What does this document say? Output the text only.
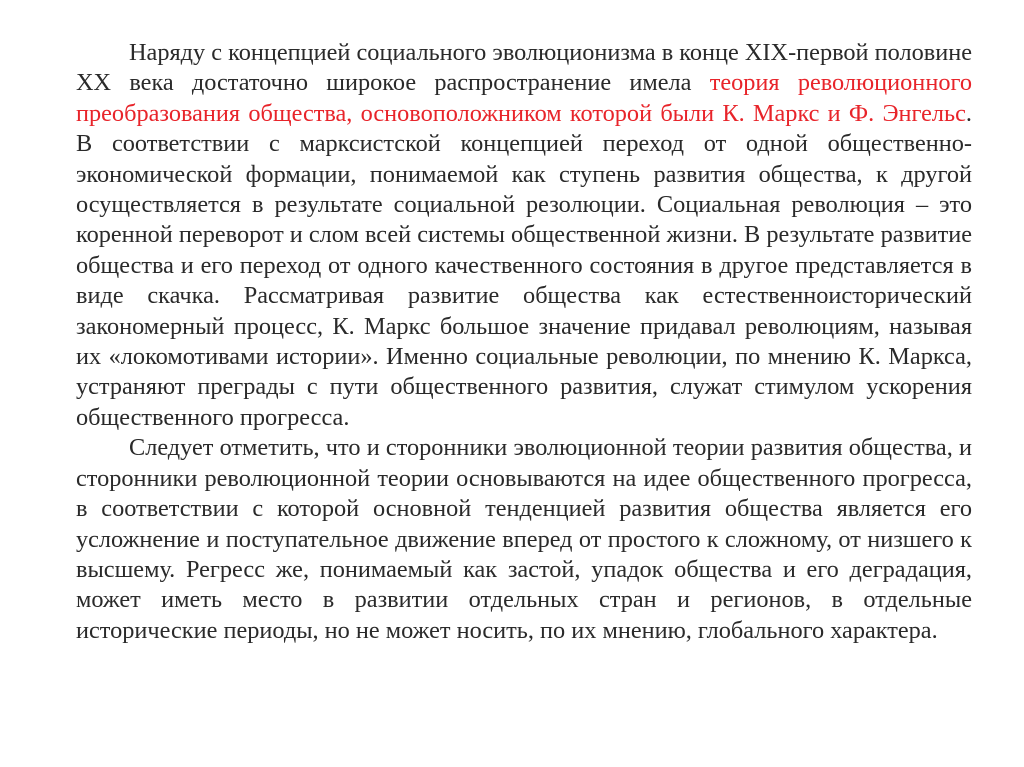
Наряду с концепцией социального эволюционизма в конце XIX-первой половине XX века достаточно широкое распространение имела теория революционного преобразования общества, основоположником которой были К. Маркс и Ф. Энгельс. В соответствии с марксистской концепцией переход от одной общественно-экономической формации, понимаемой как ступень развития общества, к другой осуществляется в результате социальной резолюции. Социальная революция – это коренной переворот и слом всей системы общественной жизни. В результате развитие общества и его переход от одного качественного состояния в другое представляется в виде скачка. Рассматривая развитие общества как естественноисторический закономерный процесс, К. Маркс большое значение придавал революциям, называя их «локомотивами истории». Именно социальные революции, по мнению К. Маркса, устраняют преграды с пути общественного развития, служат стимулом ускорения общественного прогресса.

Следует отметить, что и сторонники эволюционной теории развития общества, и сторонники революционной теории основываются на идее общественного прогресса, в соответствии с которой основной тенденцией развития общества является его усложнение и поступательное движение вперед от простого к сложному, от низшего к высшему. Регресс же, понимаемый как застой, упадок общества и его деградация, может иметь место в развитии отдельных стран и регионов, в отдельные исторические периоды, но не может носить, по их мнению, глобального характера.
